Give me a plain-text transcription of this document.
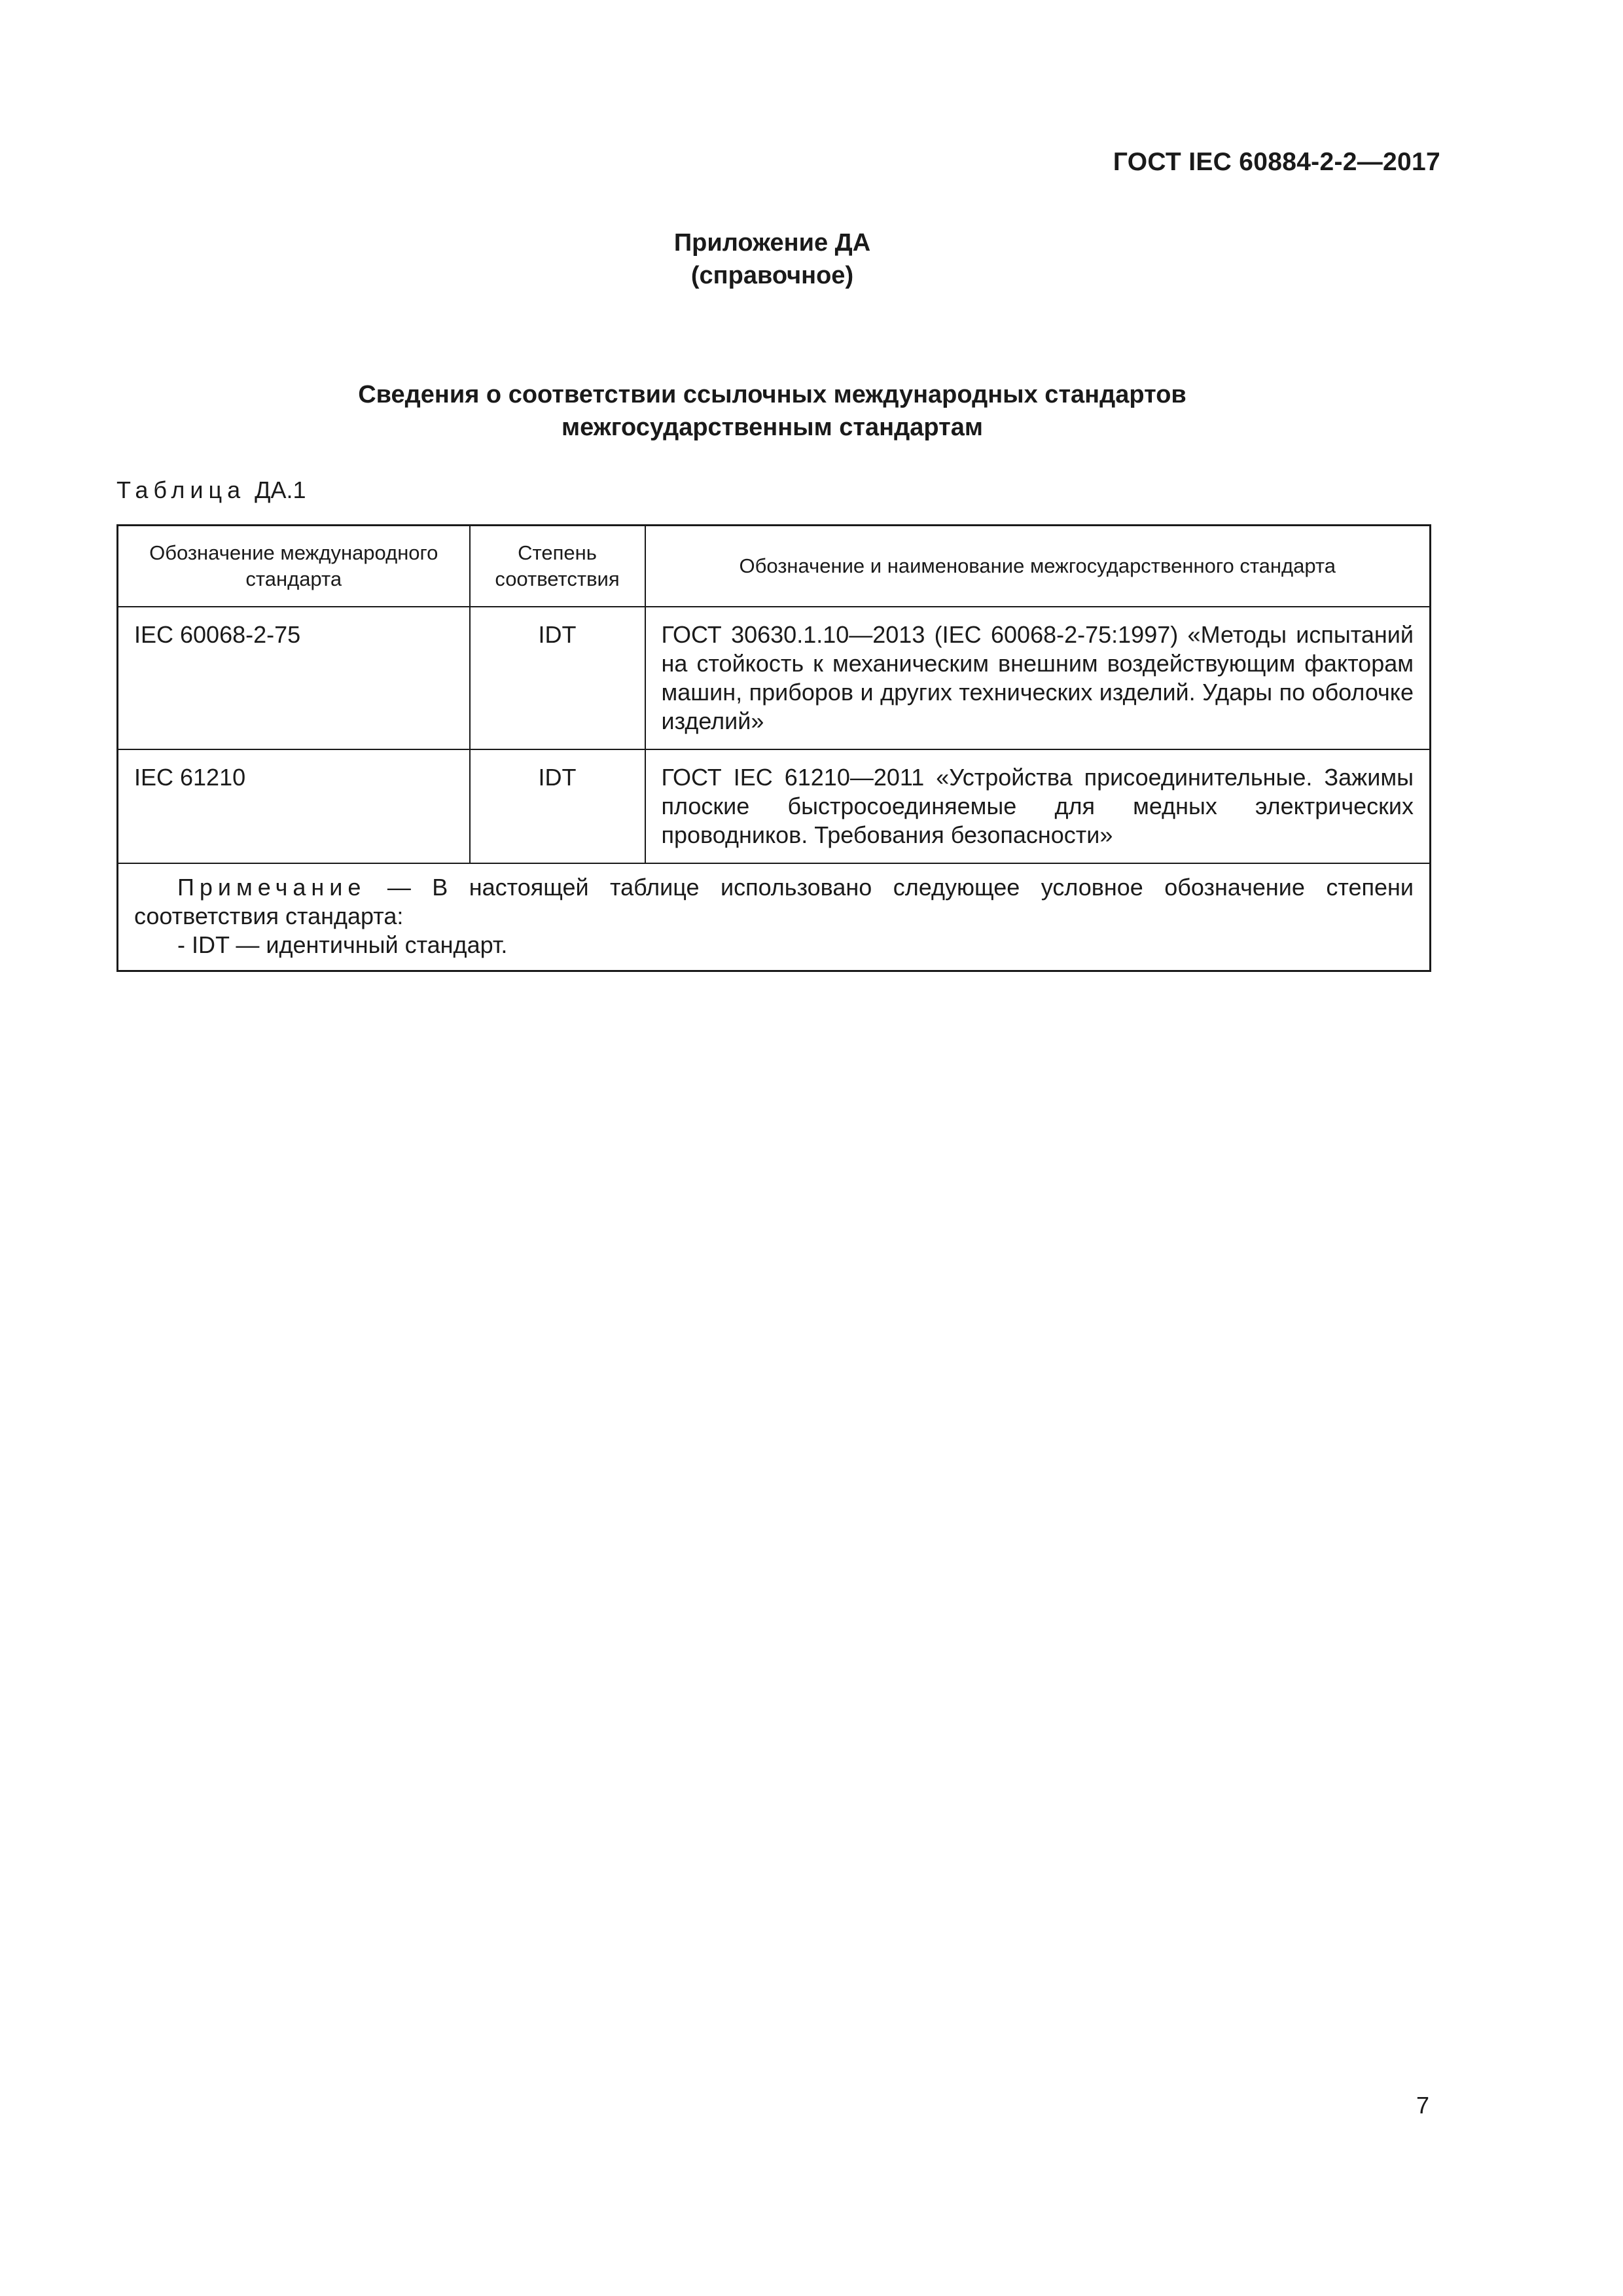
ГОСТ IEC 60884-2-2—2017
Приложение ДА
(справочное)
Сведения о соответствии ссылочных международных стандартов
межгосударственным стандартам
Таблица ДА.1
Обозначение международного стандарта	Степень соответствия	Обозначение и наименование межгосударственного стандарта
IEC 60068-2-75	IDT	ГОСТ 30630.1.10—2013 (IEC 60068-2-75:1997) «Методы испытаний на стойкость к механическим внешним воздействующим факторам машин, приборов и других технических изделий. Удары по оболочке изделий»
IEC 61210	IDT	ГОСТ IEC 61210—2011 «Устройства присоединительные. Зажимы плоские быстросоединяемые для медных электрических проводников. Требования безопасности»

Примечание — В настоящей таблице использовано следующее условное обозначение степени соответствия стандарта:
- IDT — идентичный стандарт.		
7
